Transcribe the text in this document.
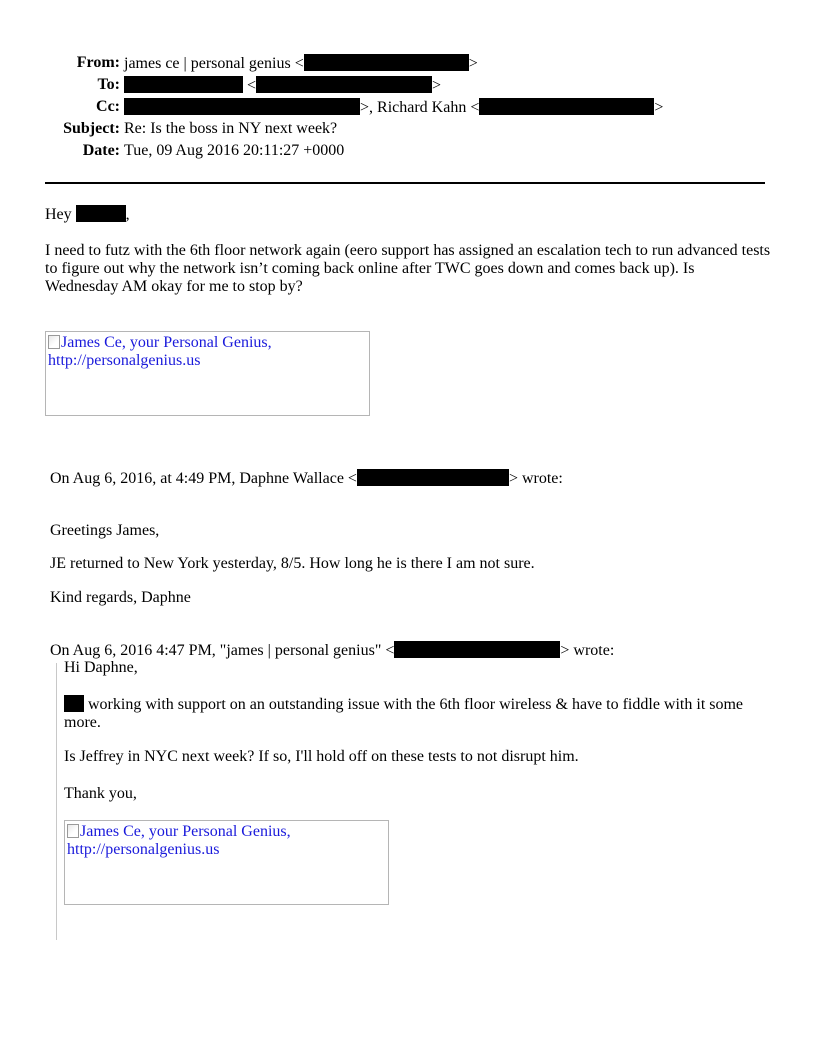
From: james ce | personal genius <	>
To:	<	>
Cc:	>, Richard Kahn <	>
Subject: Re: Is the boss in NY next week?
Date: Tue, 09 Aug 2016 20:11:27 +0000
Hey	,
I need to futz with the 6th floor network again (eero support has assigned an escalation tech to run advanced tests
to figure out why the network isn’t coming back online after TWC goes down and comes back up). Is
Wednesday AM okay for me to stop by?
James Ce, your Personal Genius,
http://personalgenius.us
On Aug 6, 2016, at 4:49 PM, Daphne Wallace <	> wrote:
Greetings James,
JE returned to New York yesterday, 8/5. How long he is there I am not sure.
Kind regards, Daphne
On Aug 6, 2016 4:47 PM, "james | personal genius" <	> wrote:
Hi Daphne,
working with support on an outstanding issue with the 6th floor wireless & have to fiddle with it some
more.
Is Jeffrey in NYC next week? If so, I'll hold off on these tests to not disrupt him.
Thank you,
James Ce, your Personal Genius,
http://personalgenius.us
